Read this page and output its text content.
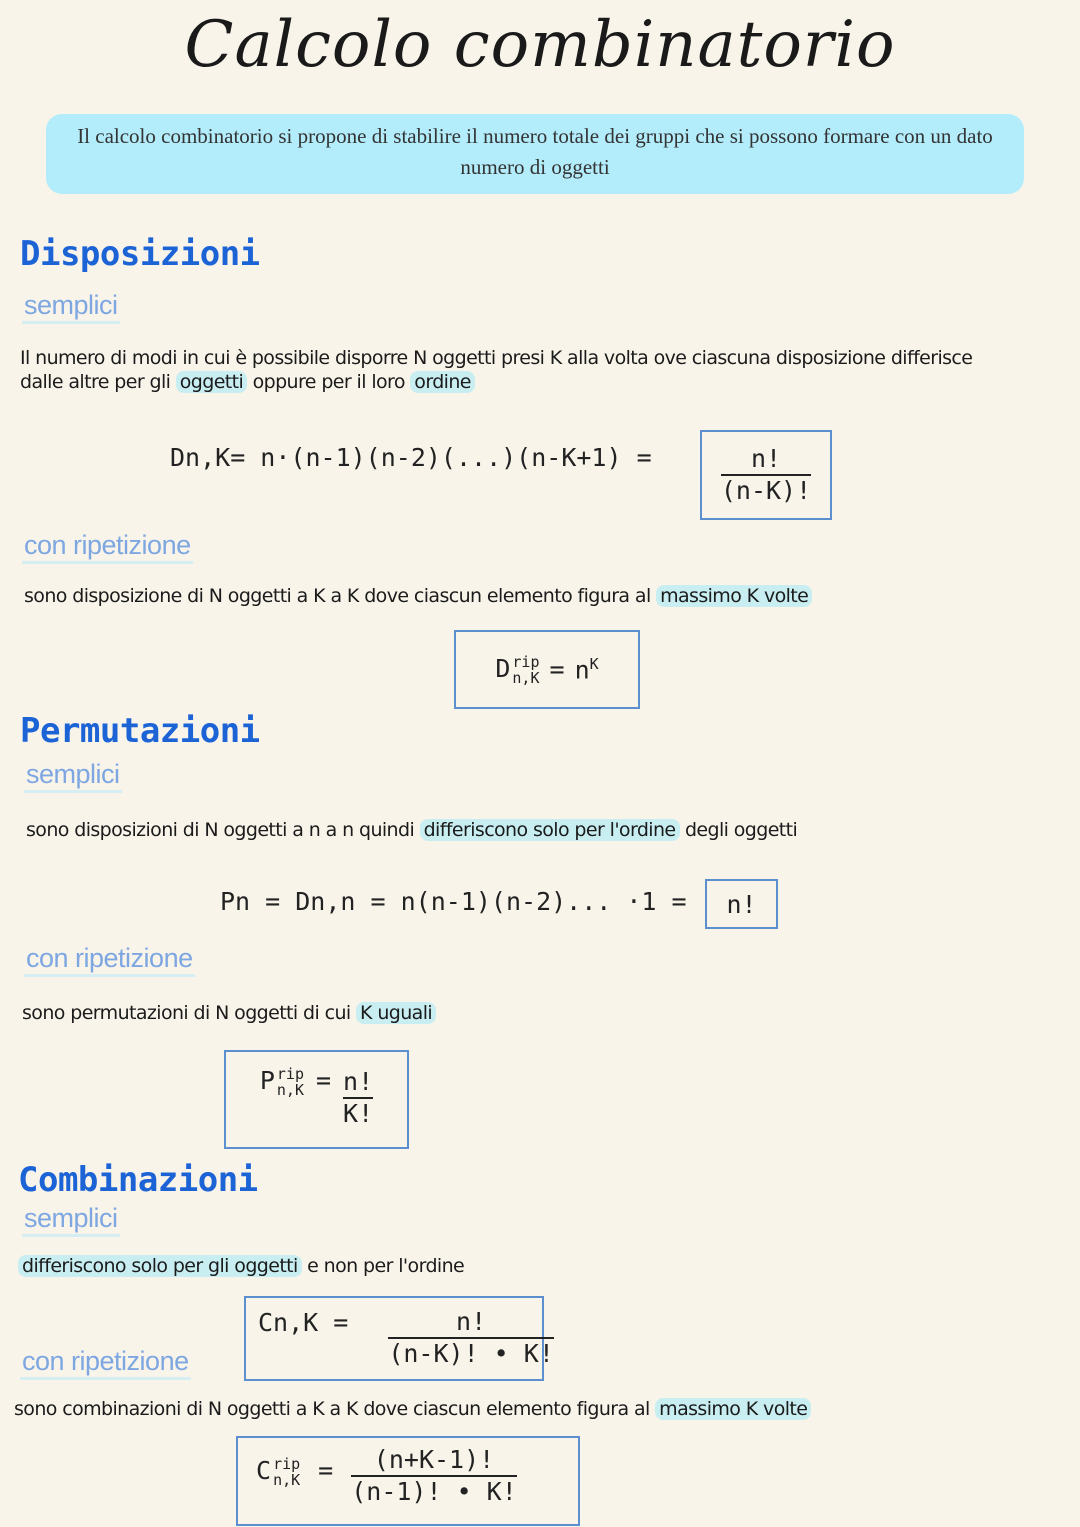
Calcolo combinatorio
Il calcolo combinatorio si propone di stabilire il numero totale dei gruppi che si possono formare con un dato
numero di oggetti
Disposizioni
semplici
Il numero di modi in cui è possibile disporre N oggetti presi K alla volta ove ciascuna disposizione differisce
dalle altre per gli oggetti oppure per il loro ordine
Dn,K= n·(n-1)(n-2)(...)(n-K+1) =	$\frac{n!}{(n-K)!}$
con ripetizione
sono disposizione di N oggetti a K a K dove ciascun elemento figura al massimo K volte
D rip
$n,K = n^K$
Permutazioni
semplici
sono disposizioni di N oggetti a n a n quindi differiscono solo per l'ordine degli oggetti
Pn = Dn,n = n(n-1)(n-2)... ·1 =	n!
con ripetizione
sono permutazioni di N oggetti di cui K uguali
P rip
$n,K = \frac{n!}{K!}$
Combinazioni
semplici
differiscono solo per gli oggetti e non per l'ordine
$Cn,K = \frac{n!}{(n-K)! • K!}$
con ripetizione
sono combinazioni di N oggetti a K a K dove ciascun elemento figura al massimo K volte
C rip
$n,K = \frac{(n+K-1)!}{(n-1)! • K!}$
